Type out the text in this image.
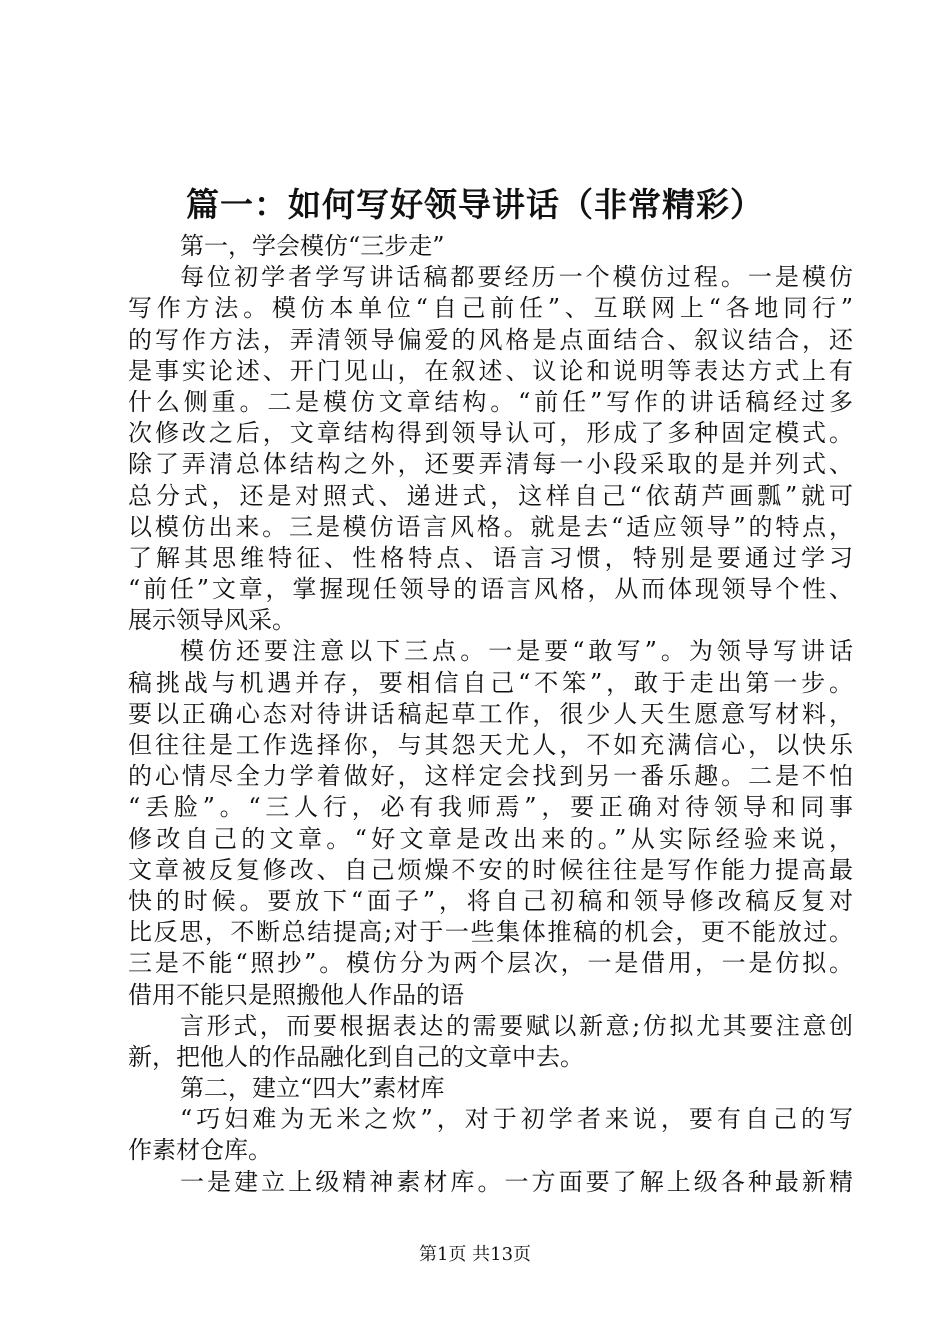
篇一：如何写好领导讲话（非常精彩）
第一，学会模仿“三步走”
每位初学者学写讲话稿都要经历一个模仿过程。一是模仿
写作方法。模仿本单位“自己前任”、互联网上“各地同行”
的写作方法，弄清领导偏爱的风格是点面结合、叙议结合，还
是事实论述、开门见山，在叙述、议论和说明等表达方式上有
什么侧重。二是模仿文章结构。“前任”写作的讲话稿经过多
次修改之后，文章结构得到领导认可，形成了多种固定模式。
除了弄清总体结构之外，还要弄清每一小段采取的是并列式、
总分式，还是对照式、递进式，这样自己“依葫芦画瓢”就可
以模仿出来。三是模仿语言风格。就是去“适应领导”的特点，
了解其思维特征、性格特点、语言习惯，特别是要通过学习
“前任”文章，掌握现任领导的语言风格，从而体现领导个性、
展示领导风采。
模仿还要注意以下三点。一是要“敢写”。为领导写讲话
稿挑战与机遇并存，要相信自己“不笨”，敢于走出第一步。
要以正确心态对待讲话稿起草工作，很少人天生愿意写材料，
但往往是工作选择你，与其怨天尤人，不如充满信心，以快乐
的心情尽全力学着做好，这样定会找到另一番乐趣。二是不怕
“丢脸”。“三人行，必有我师焉”，要正确对待领导和同事
修改自己的文章。“好文章是改出来的。”从实际经验来说，
文章被反复修改、自己烦燥不安的时候往往是写作能力提高最
快的时候。要放下“面子”，将自己初稿和领导修改稿反复对
比反思，不断总结提高;对于一些集体推稿的机会，更不能放过。
三是不能“照抄”。模仿分为两个层次，一是借用，一是仿拟。
借用不能只是照搬他人作品的语
言形式，而要根据表达的需要赋以新意;仿拟尤其要注意创
新，把他人的作品融化到自己的文章中去。
第二，建立“四大”素材库
“巧妇难为无米之炊”，对于初学者来说，要有自己的写
作素材仓库。
一是建立上级精神素材库。一方面要了解上级各种最新精
第1页 共13页
